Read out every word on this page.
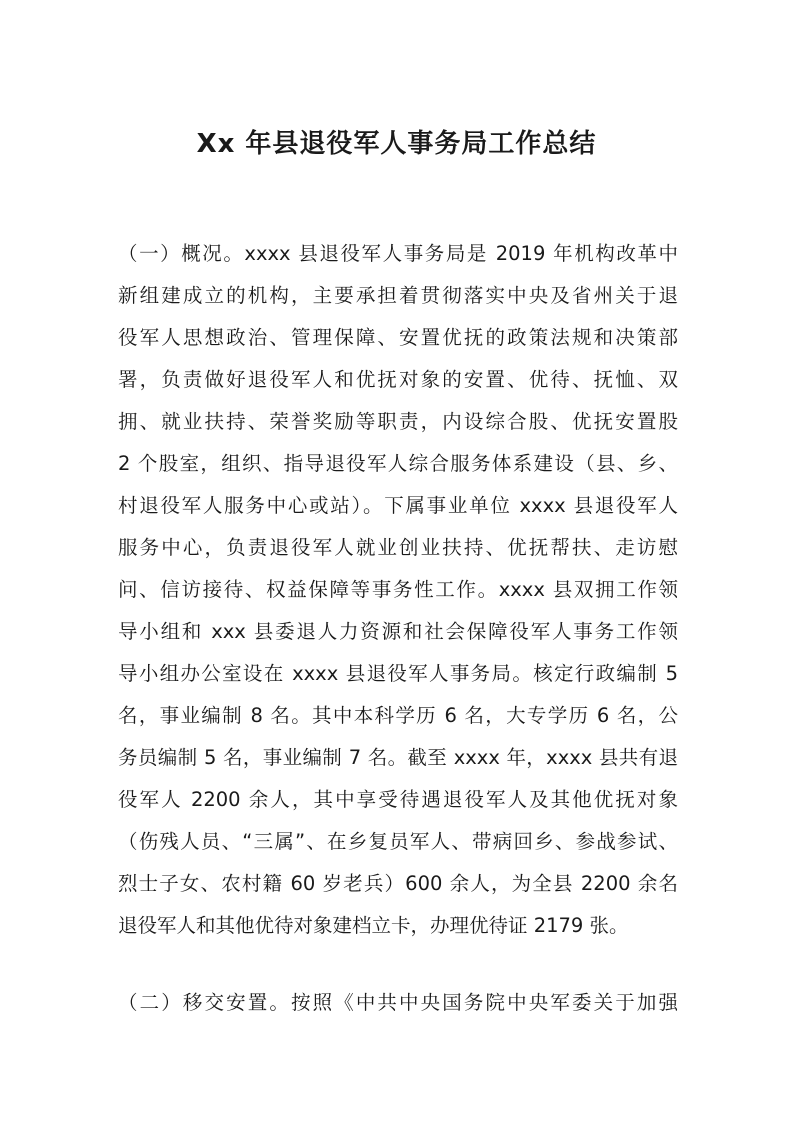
Xx 年县退役军人事务局工作总结
（一）概况。xxxx 县退役军人事务局是 2019 年机构改革中
新组建成立的机构，主要承担着贯彻落实中央及省州关于退
役军人思想政治、管理保障、安置优抚的政策法规和决策部
署，负责做好退役军人和优抚对象的安置、优待、抚恤、双
拥、就业扶持、荣誉奖励等职责，内设综合股、优抚安置股
2 个股室，组织、指导退役军人综合服务体系建设（县、乡、
村退役军人服务中心或站）。下属事业单位 xxxx 县退役军人
服务中心，负责退役军人就业创业扶持、优抚帮扶、走访慰
问、信访接待、权益保障等事务性工作。xxxx 县双拥工作领
导小组和 xxx 县委退人力资源和社会保障役军人事务工作领
导小组办公室设在 xxxx 县退役军人事务局。核定行政编制 5
名，事业编制 8 名。其中本科学历 6 名，大专学历 6 名，公
务员编制 5 名，事业编制 7 名。截至 xxxx 年，xxxx 县共有退
役军人 2200 余人，其中享受待遇退役军人及其他优抚对象
（伤残人员、“三属”、在乡复员军人、带病回乡、参战参试、
烈士子女、农村籍 60 岁老兵）600 余人，为全县 2200 余名
退役军人和其他优待对象建档立卡，办理优待证 2179 张。
（二）移交安置。按照《中共中央国务院中央军委关于加强
